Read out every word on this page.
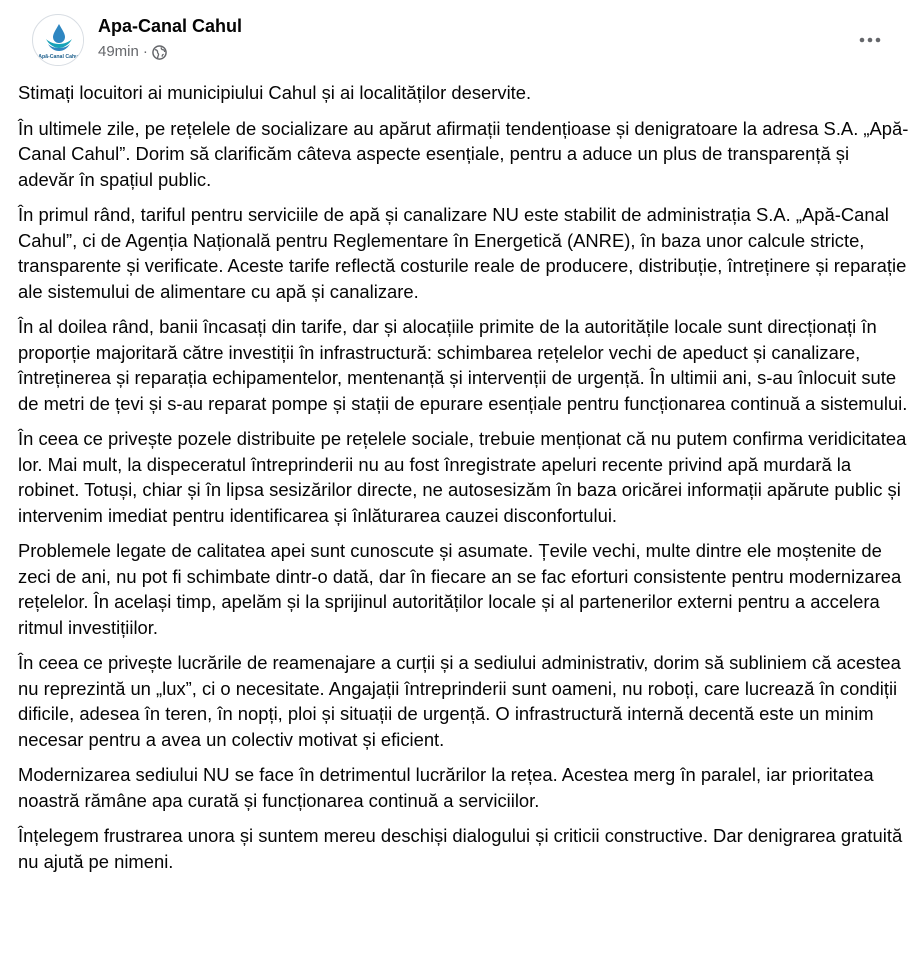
Apă-Canal Cahul
Apa-Canal Cahul
49min ·

Stimați locuitori ai municipiului Cahul și ai localităților deservite.

În ultimele zile, pe rețelele de socializare au apărut afirmații tendențioase și denigratoare la adresa S.A. „Apă-Canal Cahul”. Dorim să clarificăm câteva aspecte esențiale, pentru a aduce un plus de transparență și adevăr în spațiul public.

În primul rând, tariful pentru serviciile de apă și canalizare NU este stabilit de administrația S.A. „Apă-Canal Cahul”, ci de Agenția Națională pentru Reglementare în Energetică (ANRE), în baza unor calcule stricte, transparente și verificate. Aceste tarife reflectă costurile reale de producere, distribuție, întreținere și reparație ale sistemului de alimentare cu apă și canalizare.

În al doilea rând, banii încasați din tarife, dar și alocațiile primite de la autoritățile locale sunt direcționați în proporție majoritară către investiții în infrastructură: schimbarea rețelelor vechi de apeduct și canalizare, întreținerea și reparația echipamentelor, mentenanță și intervenții de urgență. În ultimii ani, s-au înlocuit sute de metri de țevi și s-au reparat pompe și stații de epurare esențiale pentru funcționarea continuă a sistemului.

În ceea ce privește pozele distribuite pe rețelele sociale, trebuie menționat că nu putem confirma veridicitatea lor. Mai mult, la dispeceratul întreprinderii nu au fost înregistrate apeluri recente privind apă murdară la robinet. Totuși, chiar și în lipsa sesizărilor directe, ne autosesizăm în baza oricărei informații apărute public și intervenim imediat pentru identificarea și înlăturarea cauzei disconfortului.

Problemele legate de calitatea apei sunt cunoscute și asumate. Țevile vechi, multe dintre ele moștenite de zeci de ani, nu pot fi schimbate dintr-o dată, dar în fiecare an se fac eforturi consistente pentru modernizarea rețelelor. În același timp, apelăm și la sprijinul autorităților locale și al partenerilor externi pentru a accelera ritmul investițiilor.

În ceea ce privește lucrările de reamenajare a curții și a sediului administrativ, dorim să subliniem că acestea nu reprezintă un „lux”, ci o necesitate. Angajații întreprinderii sunt oameni, nu roboți, care lucrează în condiții dificile, adesea în teren, în nopți, ploi și situații de urgență. O infrastructură internă decentă este un minim necesar pentru a avea un colectiv motivat și eficient.

Modernizarea sediului NU se face în detrimentul lucrărilor la rețea. Acestea merg în paralel, iar prioritatea noastră rămâne apa curată și funcționarea continuă a serviciilor.

Înțelegem frustrarea unora și suntem mereu deschiși dialogului și criticii constructive. Dar denigrarea gratuită nu ajută pe nimeni.
